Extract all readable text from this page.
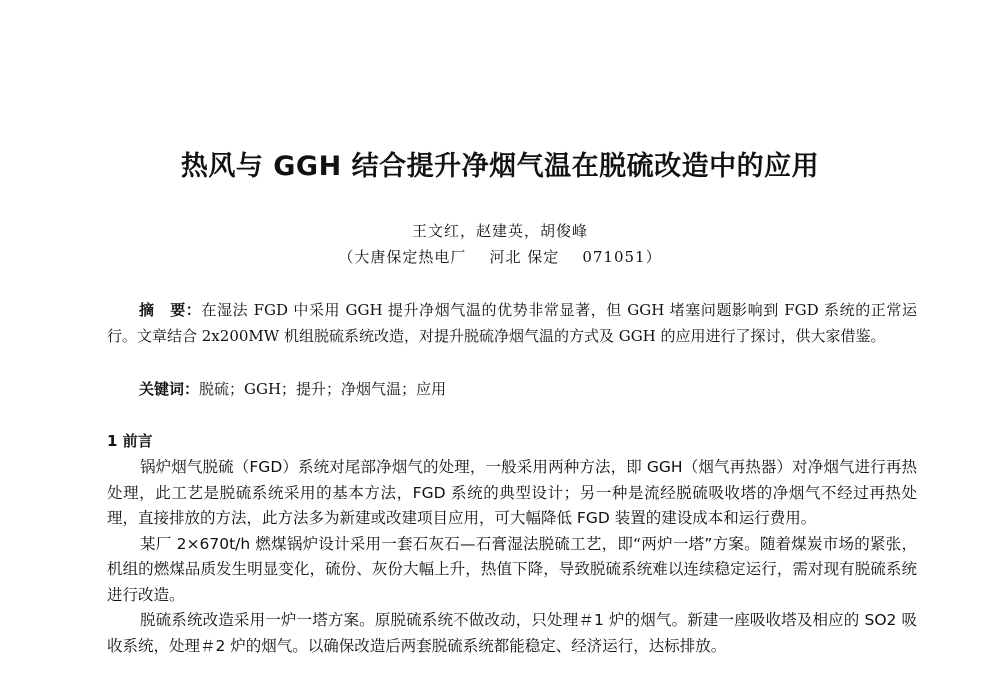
热风与 GGH 结合提升净烟气温在脱硫改造中的应用
王文红，赵建英，胡俊峰
（大唐保定热电厂    河北 保定    071051）
摘　要：在湿法 FGD 中采用 GGH 提升净烟气温的优势非常显著，但 GGH 堵塞问题影响到 FGD 系统的正常运行。文章结合 2x200MW 机组脱硫系统改造，对提升脱硫净烟气温的方式及 GGH 的应用进行了探讨，供大家借鉴。
关键词：脱硫；GGH；提升；净烟气温；应用
1 前言

锅炉烟气脱硫（FGD）系统对尾部净烟气的处理，一般采用两种方法，即 GGH（烟气再热器）对净烟气进行再热处理，此工艺是脱硫系统采用的基本方法，FGD 系统的典型设计；另一种是流经脱硫吸收塔的净烟气不经过再热处理，直接排放的方法，此方法多为新建或改建项目应用，可大幅降低 FGD 装置的建设成本和运行费用。

某厂 2×670t/h 燃煤锅炉设计采用一套石灰石—石膏湿法脱硫工艺，即“两炉一塔”方案。随着煤炭市场的紧张，机组的燃煤品质发生明显变化，硫份、灰份大幅上升，热值下降，导致脱硫系统难以连续稳定运行，需对现有脱硫系统进行改造。

脱硫系统改造采用一炉一塔方案。原脱硫系统不做改动，只处理＃1 炉的烟气。新建一座吸收塔及相应的 SO2 吸收系统，处理＃2 炉的烟气。以确保改造后两套脱硫系统都能稳定、经济运行，达标排放。
